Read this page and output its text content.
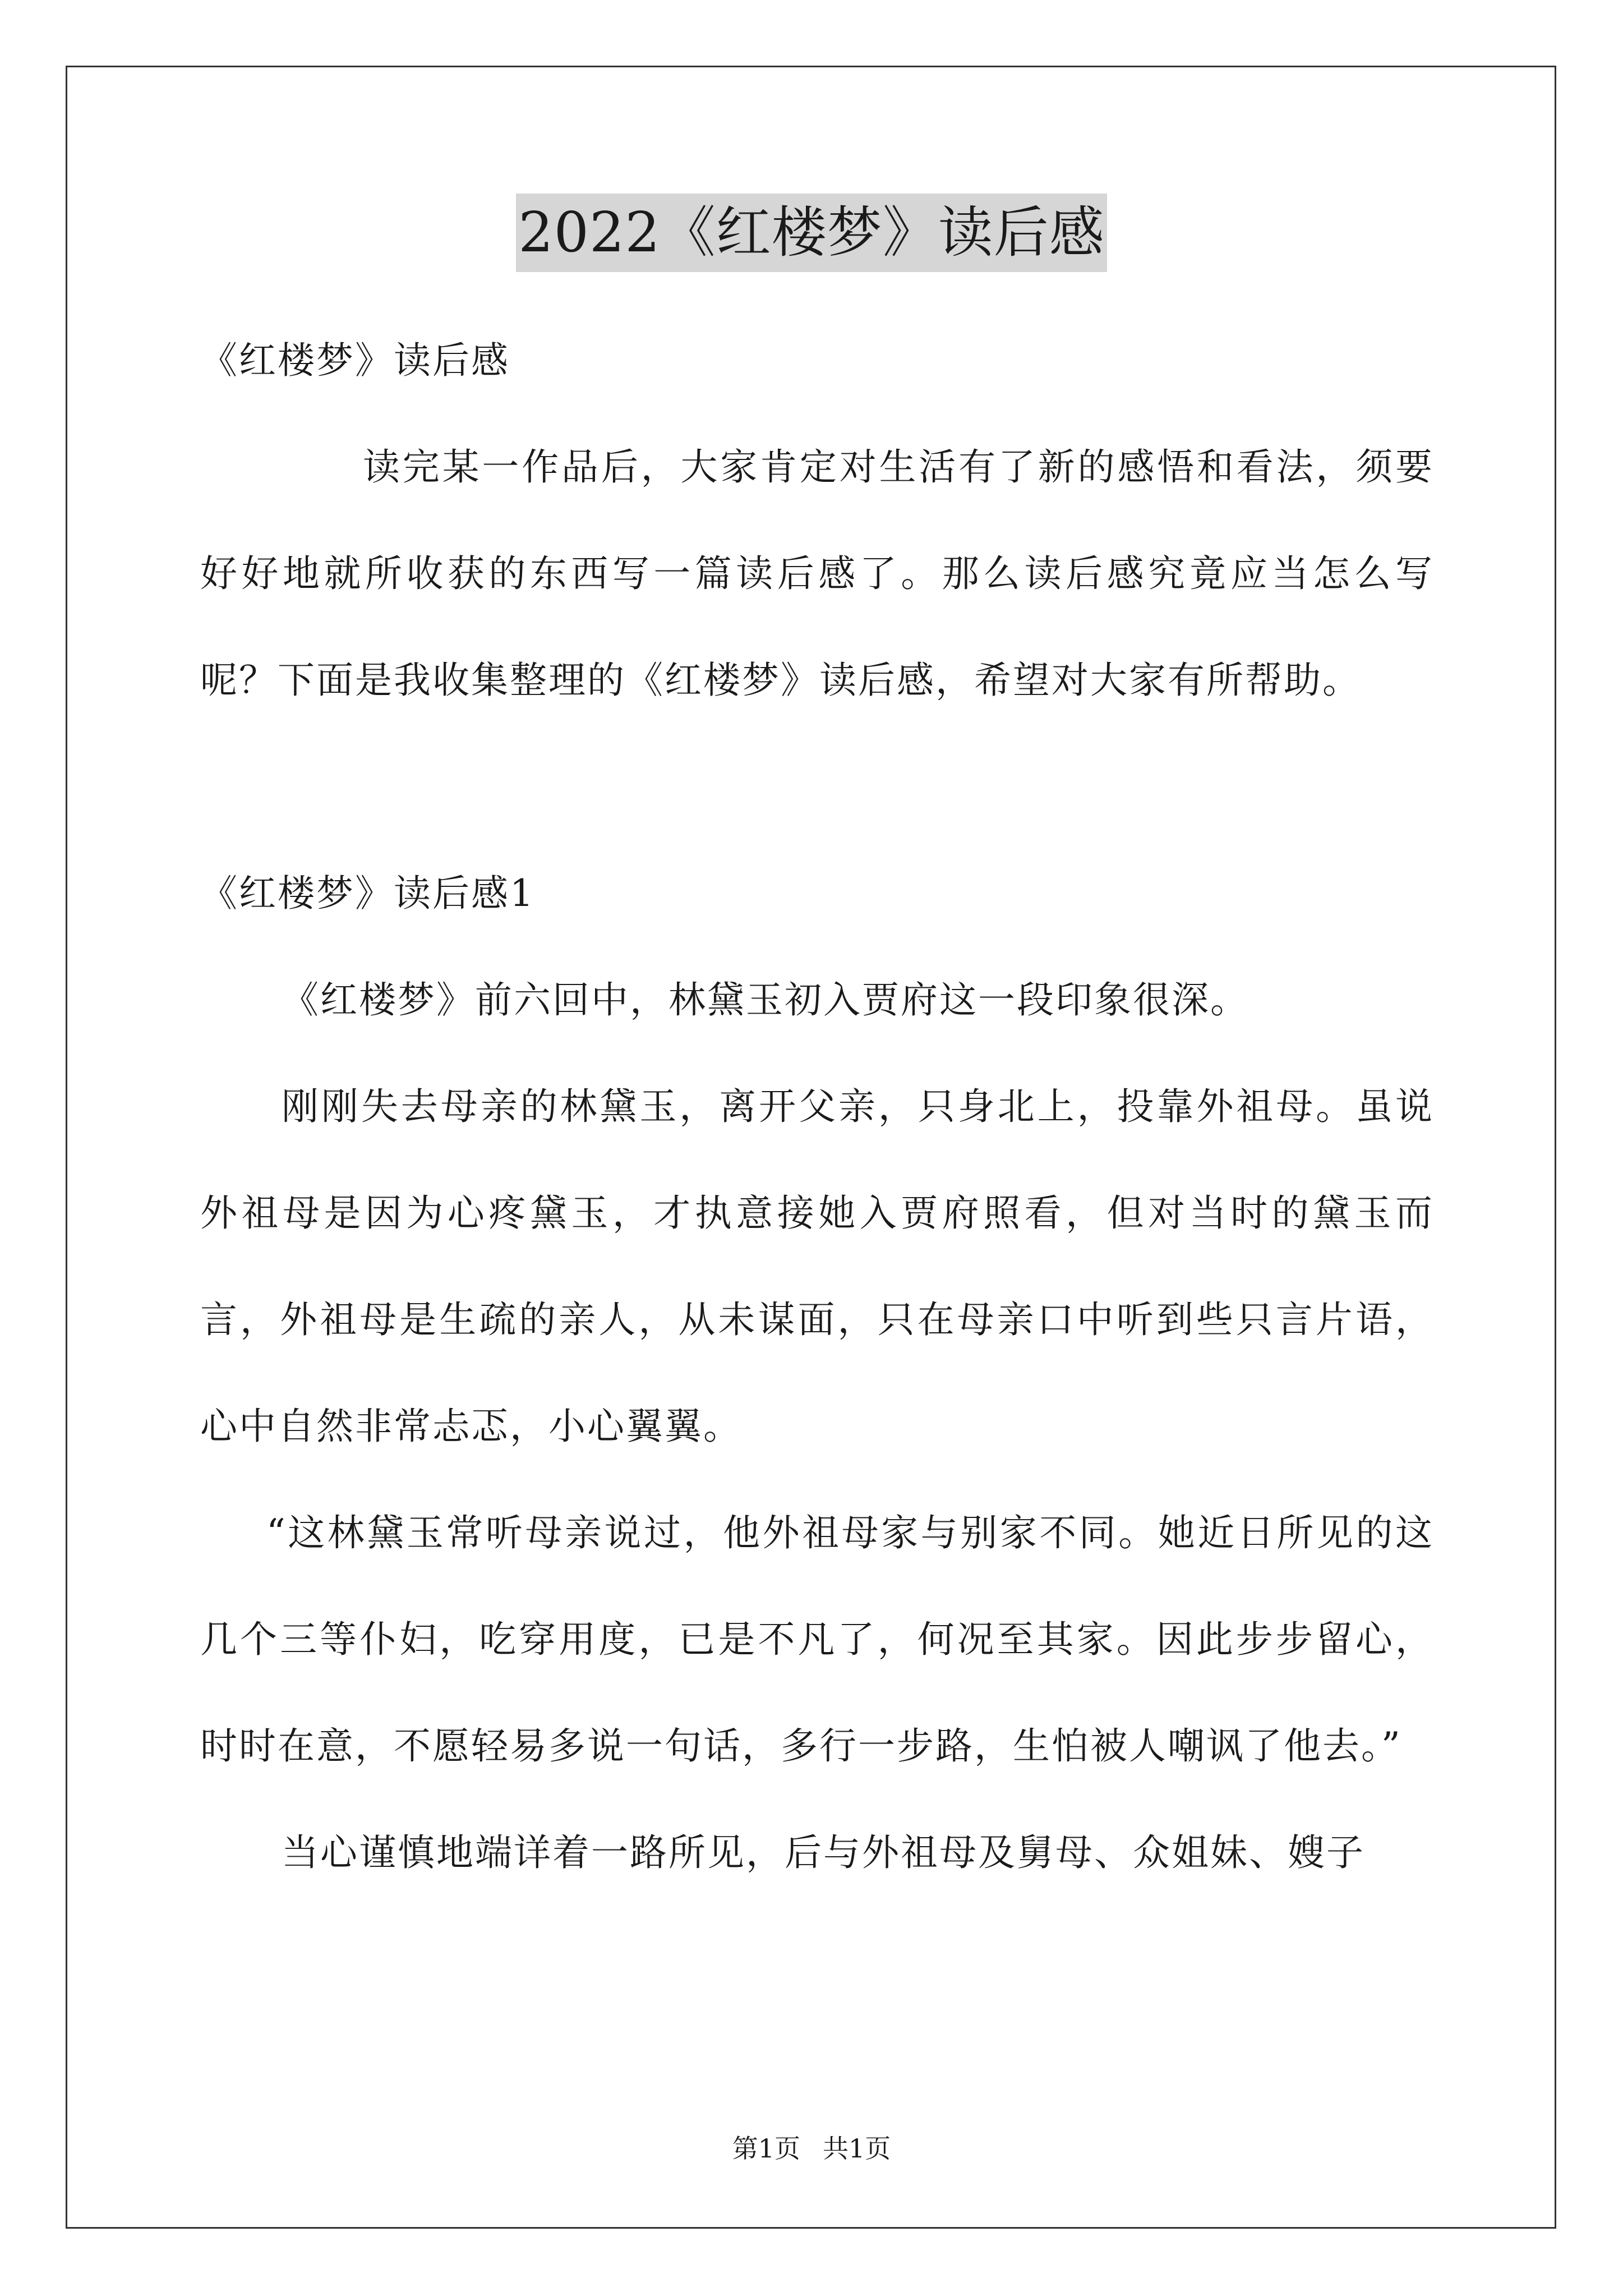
2022《红楼梦》读后感

《红楼梦》读后感

读完某一作品后，大家肯定对生活有了新的感悟和看法，须要好好地就所收获的东西写一篇读后感了。那么读后感究竟应当怎么写呢？下面是我收集整理的《红楼梦》读后感，希望对大家有所帮助。

《红楼梦》读后感1

《红楼梦》前六回中，林黛玉初入贾府这一段印象很深。

刚刚失去母亲的林黛玉，离开父亲，只身北上，投靠外祖母。虽说外祖母是因为心疼黛玉，才执意接她入贾府照看，但对当时的黛玉而言，外祖母是生疏的亲人，从未谋面，只在母亲口中听到些只言片语，心中自然非常忐忑，小心翼翼。

“这林黛玉常听母亲说过，他外祖母家与别家不同。她近日所见的这几个三等仆妇，吃穿用度，已是不凡了，何况至其家。因此步步留心，时时在意，不愿轻易多说一句话，多行一步路，生怕被人嘲讽了他去。”

当心谨慎地端详着一路所见，后与外祖母及舅母、众姐妹、嫂子

第1页 共1页
